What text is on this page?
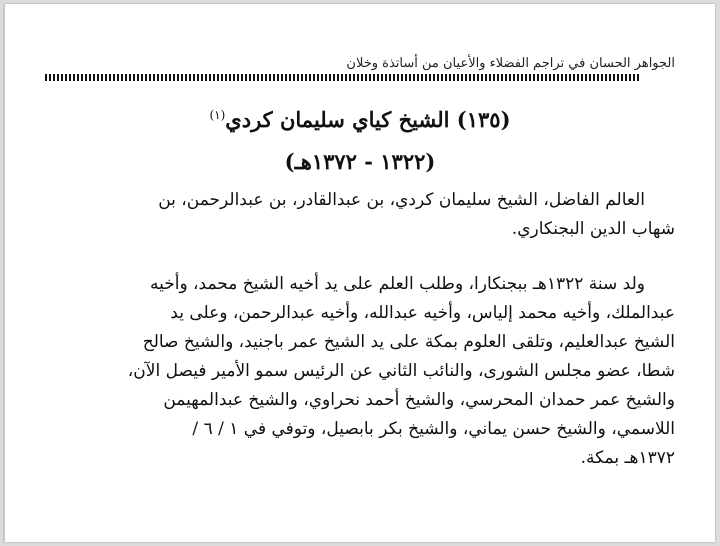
الجواهر الحسان في تراجم الفضلاء والأعيان من أساتذة وخلان
(١٣٥) الشيخ كياي سليمان كردي$^{(١)}$
(١٣٢٢ - ١٣٧٢هـ)
العالم الفاضل، الشيخ سليمان كردي، بن عبدالقادر، بن عبدالرحمن، بن
شهاب الدين البجنكاري.
ولد سنة ١٣٢٢هـ ببجنكارا، وطلب العلم على يد أخيه الشيخ محمد، وأخيه
عبدالملك، وأخيه محمد إلياس، وأخيه عبدالله، وأخيه عبدالرحمن، وعلى يد
الشيخ عبدالعليم، وتلقى العلوم بمكة على يد الشيخ عمر باجنيد، والشيخ صالح
شطا، عضو مجلس الشورى، والنائب الثاني عن الرئيس سمو الأمير فيصل الآن،
والشيخ عمر حمدان المحرسي، والشيخ أحمد نحراوي، والشيخ عبدالمهيمن
اللاسمي، والشيخ حسن يماني، والشيخ بكر بابصيل، وتوفي في ١ / ٦ /
١٣٧٢هـ بمكة.
